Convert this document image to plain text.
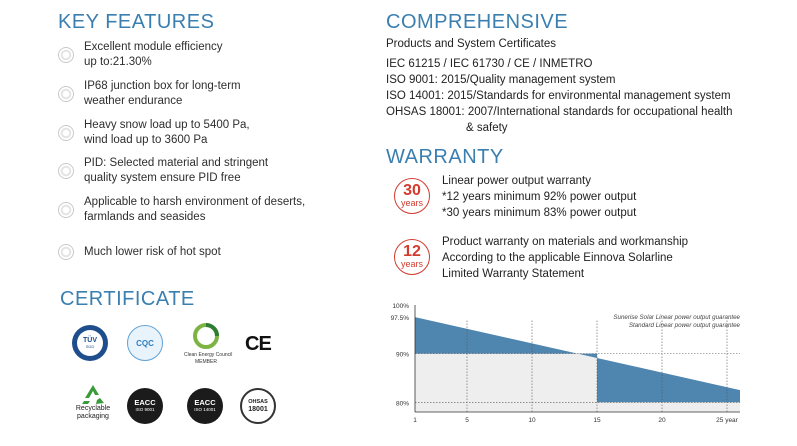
KEY FEATURES
Excellent module efficiency
up to:21.30%
IP68 junction box for long-term
weather endurance
Heavy snow load up to 5400 Pa,
wind load up to 3600 Pa
PID: Selected material and stringent
quality system ensure PID free
Applicable to harsh environment of deserts,
farmlands and seasides
Much lower risk of hot spot
CERTIFICATE
TÜV
SÜD	CQC
Clean Energy Council
MEMBER
CE
Recyclable
packaging
EACC
ISO 9001
EACC
ISO 14001
OHSAS
18001
COMPREHENSIVE
Products and System Certificates
IEC 61215 / IEC 61730 / CE / INMETRO
ISO 9001: 2015/Quality management system
ISO 14001: 2015/Standards for environmental management system
OHSAS 18001: 2007/International standards for occupational health
& safety
WARRANTY
30
years
Linear power output warranty
*12 years minimum 92% power output
*30 years minimum 83% power output
12
years
Product warranty on materials and workmanship
According to the applicable Einnova Solarline
Limited Warranty Statement
100%
97.5%
90%
80%
1	5	10	15	20	25 year
Sunerise Solar Linear power output guarantee
Standard Linear power output guarantee
